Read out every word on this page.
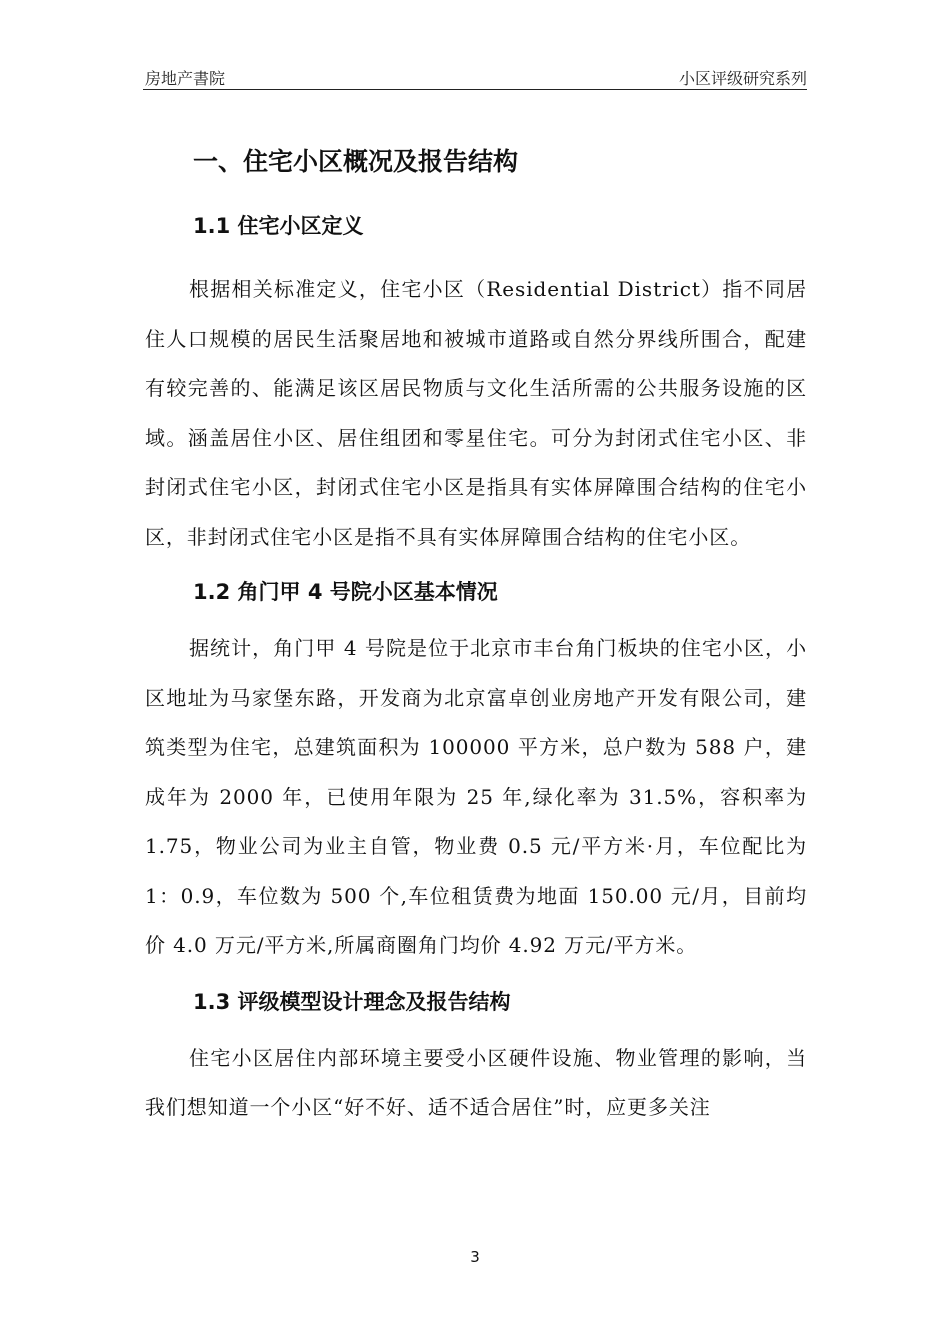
房地产書院	小区评级研究系列
一、住宅小区概况及报告结构
1.1 住宅小区定义

根据相关标准定义，住宅小区（Residential District）指不同居住人口规模的居民生活聚居地和被城市道路或自然分界线所围合，配建有较完善的、能满足该区居民物质与文化生活所需的公共服务设施的区域。涵盖居住小区、居住组团和零星住宅。可分为封闭式住宅小区、非封闭式住宅小区，封闭式住宅小区是指具有实体屏障围合结构的住宅小区，非封闭式住宅小区是指不具有实体屏障围合结构的住宅小区。

1.2 角门甲 4 号院小区基本情况

据统计，角门甲 4 号院是位于北京市丰台角门板块的住宅小区，小区地址为马家堡东路，开发商为北京富卓创业房地产开发有限公司，建筑类型为住宅，总建筑面积为 100000 平方米，总户数为 588 户，建成年为 2000 年，已使用年限为 25 年,绿化率为 31.5%，容积率为 1.75，物业公司为业主自管，物业费 0.5 元/平方米·月，车位配比为 1：0.9，车位数为 500 个,车位租赁费为地面 150.00 元/月，目前均价 4.0 万元/平方米,所属商圈角门均价 4.92 万元/平方米。

1.3 评级模型设计理念及报告结构

住宅小区居住内部环境主要受小区硬件设施、物业管理的影响，当我们想知道一个小区“好不好、适不适合居住”时，应更多关注

3
